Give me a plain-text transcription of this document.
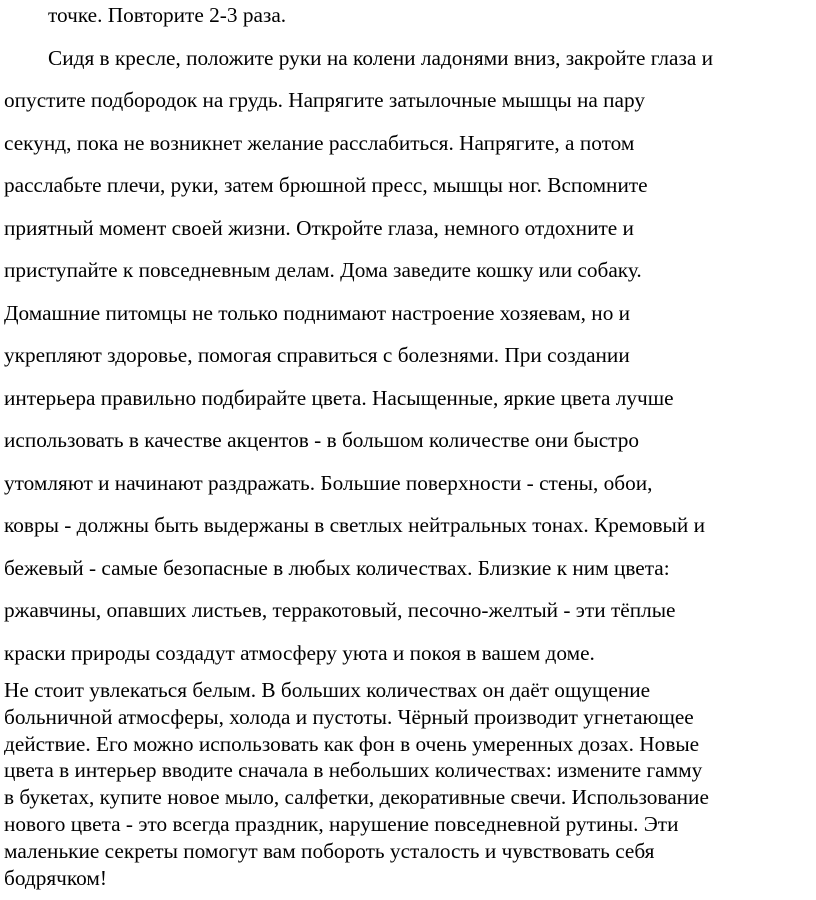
точке. Повторите 2-3 раза.
Сидя в кресле, положите руки на колени ладонями вниз, закройте глаза и
опустите подбородок на грудь. Напрягите затылочные мышцы на пару
секунд, пока не возникнет желание расслабиться. Напрягите, а потом
расслабьте плечи, руки, затем брюшной пресс, мышцы ног. Вспомните
приятный момент своей жизни. Откройте глаза, немного отдохните и
приступайте к повседневным делам. Дома заведите кошку или собаку.
Домашние питомцы не только поднимают настроение хозяевам, но и
укрепляют здоровье, помогая справиться с болезнями. При создании
интерьера правильно подбирайте цвета. Насыщенные, яркие цвета лучше
использовать в качестве акцентов - в большом количестве они быстро
утомляют и начинают раздражать. Большие поверхности - стены, обои,
ковры - должны быть выдержаны в светлых нейтральных тонах. Кремовый и
бежевый - самые безопасные в любых количествах. Близкие к ним цвета:
ржавчины, опавших листьев, терракотовый, песочно-желтый - эти тёплые
краски природы создадут атмосферу уюта и покоя в вашем доме.
Не стоит увлекаться белым. В больших количествах он даёт ощущение
больничной атмосферы, холода и пустоты. Чёрный производит угнетающее
действие. Его можно использовать как фон в очень умеренных дозах. Новые
цвета в интерьер вводите сначала в небольших количествах: измените гамму
в букетах, купите новое мыло, салфетки, декоративные свечи. Использование
нового цвета - это всегда праздник, нарушение повседневной рутины. Эти
маленькие секреты помогут вам побороть усталость и чувствовать себя
бодрячком!
